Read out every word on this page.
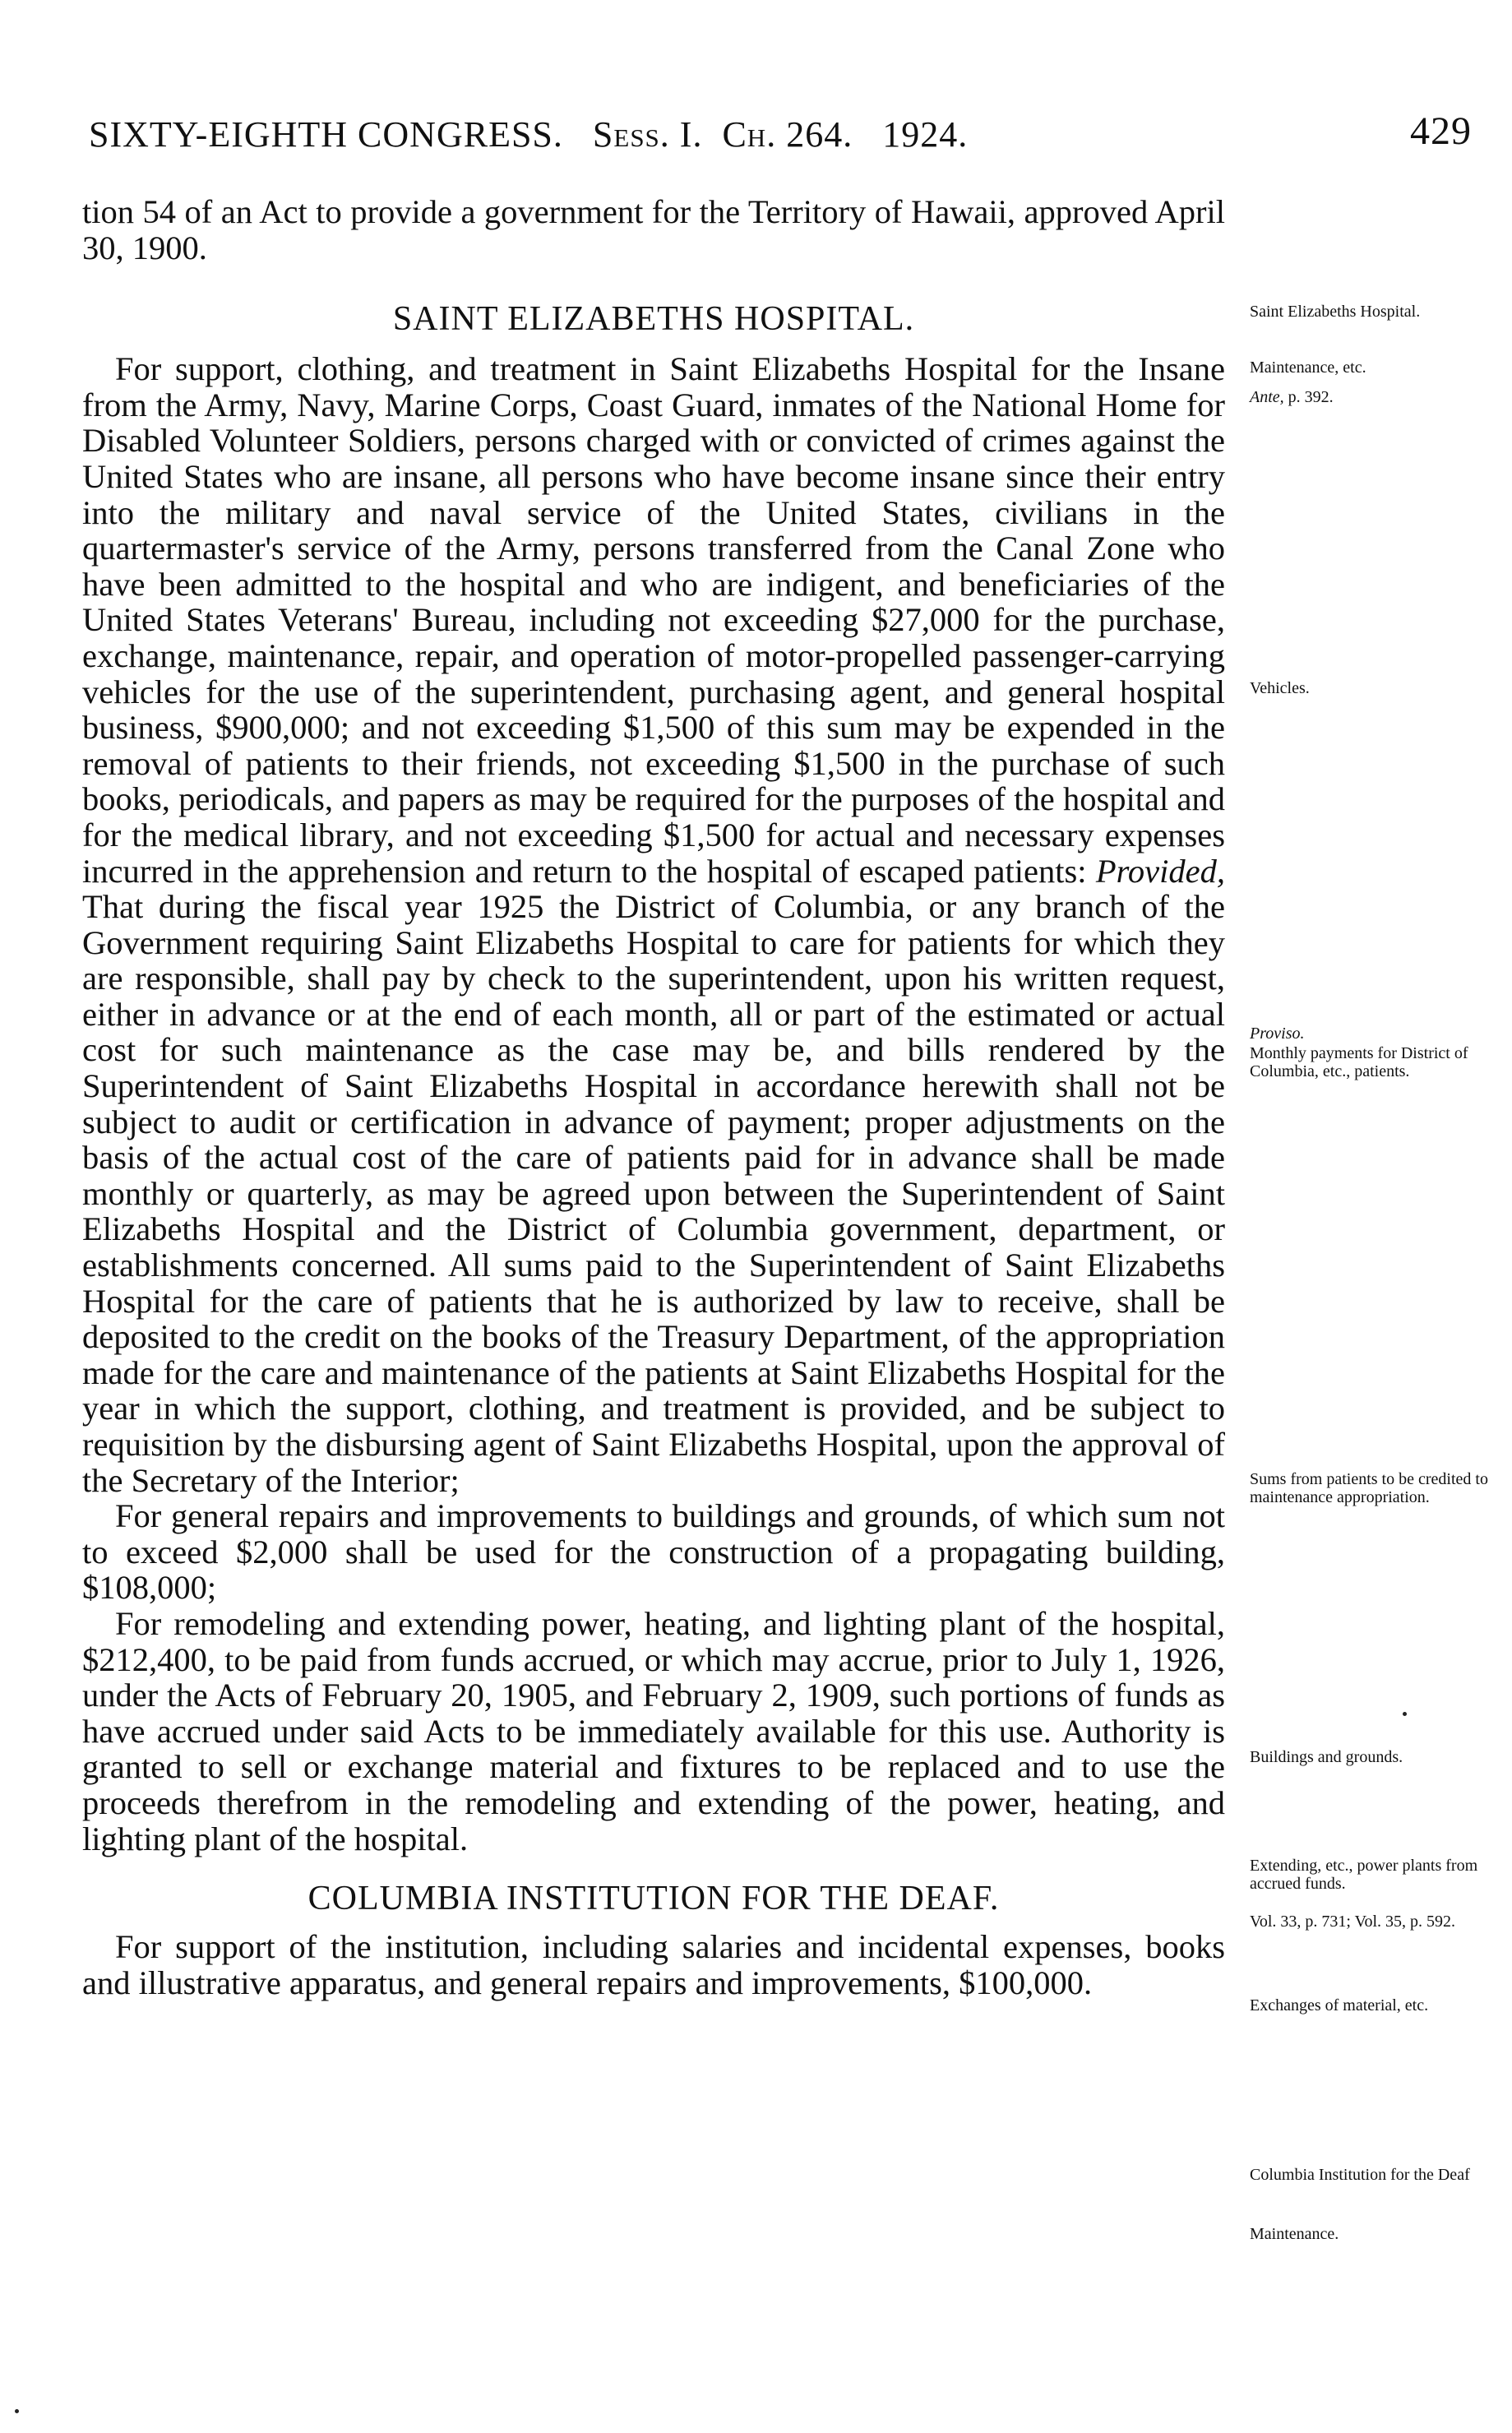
SIXTY-EIGHTH CONGRESS. Sess. I. Ch. 264. 1924.	429

tion 54 of an Act to provide a government for the Territory of Hawaii, approved April 30, 1900.

SAINT ELIZABETHS HOSPITAL.

For support, clothing, and treatment in Saint Elizabeths Hospital for the Insane from the Army, Navy, Marine Corps, Coast Guard, inmates of the National Home for Disabled Volunteer Soldiers, persons charged with or convicted of crimes against the United States who are insane, all persons who have become insane since their entry into the military and naval service of the United States, civilians in the quartermaster's service of the Army, persons transferred from the Canal Zone who have been admitted to the hospital and who are indigent, and beneficiaries of the United States Veterans' Bureau, including not exceeding $27,000 for the purchase, exchange, maintenance, repair, and operation of motor-propelled passenger-carrying vehicles for the use of the superintendent, purchasing agent, and general hospital business, $900,000; and not exceeding $1,500 of this sum may be expended in the removal of patients to their friends, not exceeding $1,500 in the purchase of such books, periodicals, and papers as may be required for the purposes of the hospital and for the medical library, and not exceeding $1,500 for actual and necessary expenses incurred in the apprehension and return to the hospital of escaped patients: Provided, That during the fiscal year 1925 the District of Columbia, or any branch of the Government requiring Saint Elizabeths Hospital to care for patients for which they are responsible, shall pay by check to the superintendent, upon his written request, either in advance or at the end of each month, all or part of the estimated or actual cost for such maintenance as the case may be, and bills rendered by the Superintendent of Saint Elizabeths Hospital in accordance herewith shall not be subject to audit or certification in advance of payment; proper adjustments on the basis of the actual cost of the care of patients paid for in advance shall be made monthly or quarterly, as may be agreed upon between the Superintendent of Saint Elizabeths Hospital and the District of Columbia government, department, or establishments concerned. All sums paid to the Superintendent of Saint Elizabeths Hospital for the care of patients that he is authorized by law to receive, shall be deposited to the credit on the books of the Treasury Department, of the appropriation made for the care and maintenance of the patients at Saint Elizabeths Hospital for the year in which the support, clothing, and treatment is provided, and be subject to requisition by the disbursing agent of Saint Elizabeths Hospital, upon the approval of the Secretary of the Interior;

For general repairs and improvements to buildings and grounds, of which sum not to exceed $2,000 shall be used for the construction of a propagating building, $108,000;

For remodeling and extending power, heating, and lighting plant of the hospital, $212,400, to be paid from funds accrued, or which may accrue, prior to July 1, 1926, under the Acts of February 20, 1905, and February 2, 1909, such portions of funds as have accrued under said Acts to be immediately available for this use. Authority is granted to sell or exchange material and fixtures to be replaced and to use the proceeds therefrom in the remodeling and extending of the power, heating, and lighting plant of the hospital.

COLUMBIA INSTITUTION FOR THE DEAF.

For support of the institution, including salaries and incidental expenses, books and illustrative apparatus, and general repairs and improvements, $100,000.

Saint Elizabeths Hospital.
Maintenance, etc.
Ante, p. 392.
Vehicles.
Proviso.
Monthly payments for District of Columbia, etc., patients.
Sums from patients to be credited to maintenance appropriation.
Buildings and grounds.
Extending, etc., power plants from accrued funds.
Vol. 33, p. 731; Vol. 35, p. 592.
Exchanges of material, etc.
Columbia Institution for the Deaf
Maintenance.
